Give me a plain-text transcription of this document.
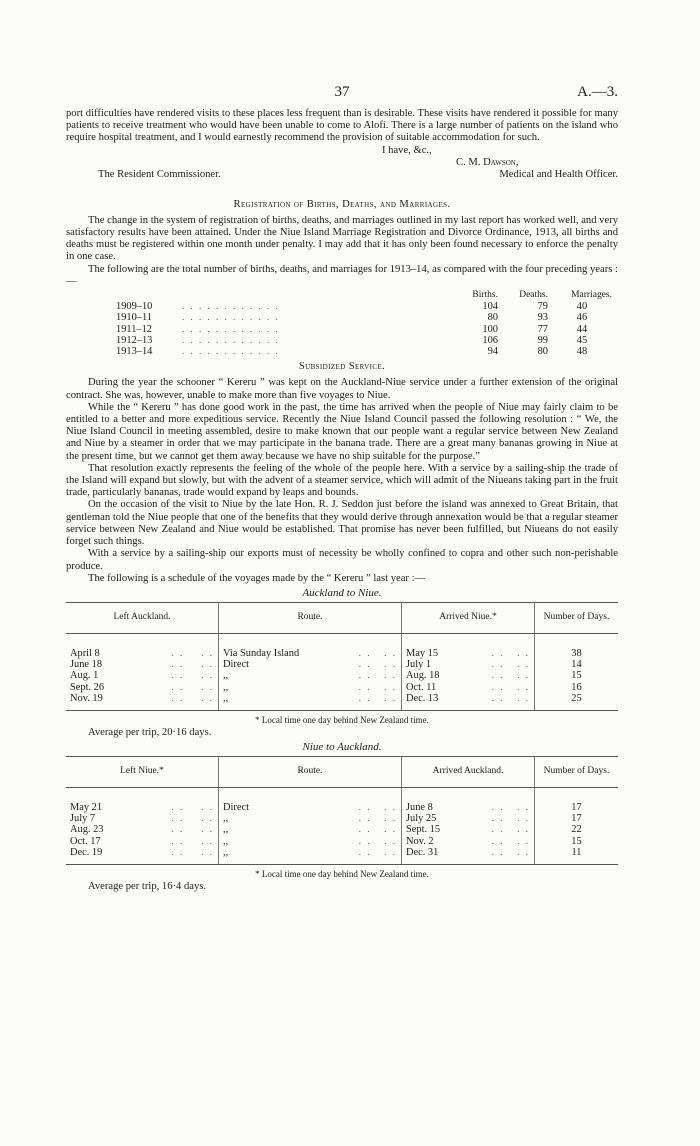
37	A.—3.

port difficulties have rendered visits to these places less frequent than is desirable. These visits have rendered it possible for many patients to receive treatment who would have been unable to come to Alofi. There is a large number of patients on the island who require hospital treatment, and I would earnestly recommend the provision of suitable accommodation for such.

I have, &c.,
C. M. Dawson,
The Resident Commissioner.	Medical and Health Officer.
Registration of Births, Deaths, and Marriages.

The change in the system of registration of births, deaths, and marriages outlined in my last report has worked well, and very satisfactory results have been attained. Under the Niue Island Marriage Registration and Divorce Ordinance, 1913, all births and deaths must be registered within one month under penalty. I may add that it has only been found necessary to enforce the penalty in one case.

The following are the total number of births, deaths, and marriages for 1913–14, as compared with the four preceding years :—

		Births.	Deaths.	Marriages.
1909–10	. . . . . . . . . . . .	104	79	40
1910–11	. . . . . . . . . . . .	80	93	46
1911–12	. . . . . . . . . . . .	100	77	44
1912–13	. . . . . . . . . . . .	106	99	45
1913–14	. . . . . . . . . . . .	94	80	48
Subsidized Service.

During the year the schooner “ Kereru ” was kept on the Auckland-Niue service under a further extension of the original contract. She was, however, unable to make more than five voyages to Niue.

While the “ Kereru ” has done good work in the past, the time has arrived when the people of Niue may fairly claim to be entitled to a better and more expeditious service. Recently the Niue Island Council passed the following resolution : “ We, the Niue Island Council in meeting assembled, desire to make known that our people want a regular service between New Zealand and Niue by a steamer in order that we may participate in the banana trade. There are a great many bananas growing in Niue at the present time, but we cannot get them away because we have no ship suitable for the purpose.”

That resolution exactly represents the feeling of the whole of the people here. With a service by a sailing-ship the trade of the Island will expand but slowly, but with the advent of a steamer service, which will admit of the Niueans taking part in the fruit trade, particularly bananas, trade would expand by leaps and bounds.

On the occasion of the visit to Niue by the late Hon. R. J. Seddon just before the island was annexed to Great Britain, that gentleman told the Niue people that one of the benefits that they would derive through annexation would be that a regular steamer service between New Zealand and Niue would be established. That promise has never been fulfilled, but Niueans do not easily forget such things.

With a service by a sailing-ship our exports must of necessity be wholly confined to copra and other such non-perishable produce.

The following is a schedule of the voyages made by the “ Kereru ” last year :—

Auckland to Niue.
Left Auckland.	Route.	Arrived Niue.*	Number of Days.

April 8 . .    . .	Via Sunday Island . .   . .	May 15 . .   . .	38
June 18 . .    . .	Direct . .   . .	July 1 . .   . .	14
Aug. 1 . .    . .	,, . .   . .	Aug. 18 . .   . .	15
Sept. 26 . .    . .	,, . .   . .	Oct. 11 . .   . .	16
Nov. 19 . .    . .	,, . .   . .	Dec. 13 . .   . .	25

* Local time one day behind New Zealand time.
Average per trip, 20·16 days.
Niue to Auckland.
Left Niue.*	Route.	Arrived Auckland.	Number of Days.

May 21 . .    . .	Direct . .   . .	June 8 . .   . .	17
July 7 . .    . .	,, . .   . .	July 25 . .   . .	17
Aug. 23 . .    . .	,, . .   . .	Sept. 15 . .   . .	22
Oct. 17 . .    . .	,, . .   . .	Nov. 2 . .   . .	15
Dec. 19 . .    . .	,, . .   . .	Dec. 31 . .   . .	11

* Local time one day behind New Zealand time.
Average per trip, 16·4 days.
